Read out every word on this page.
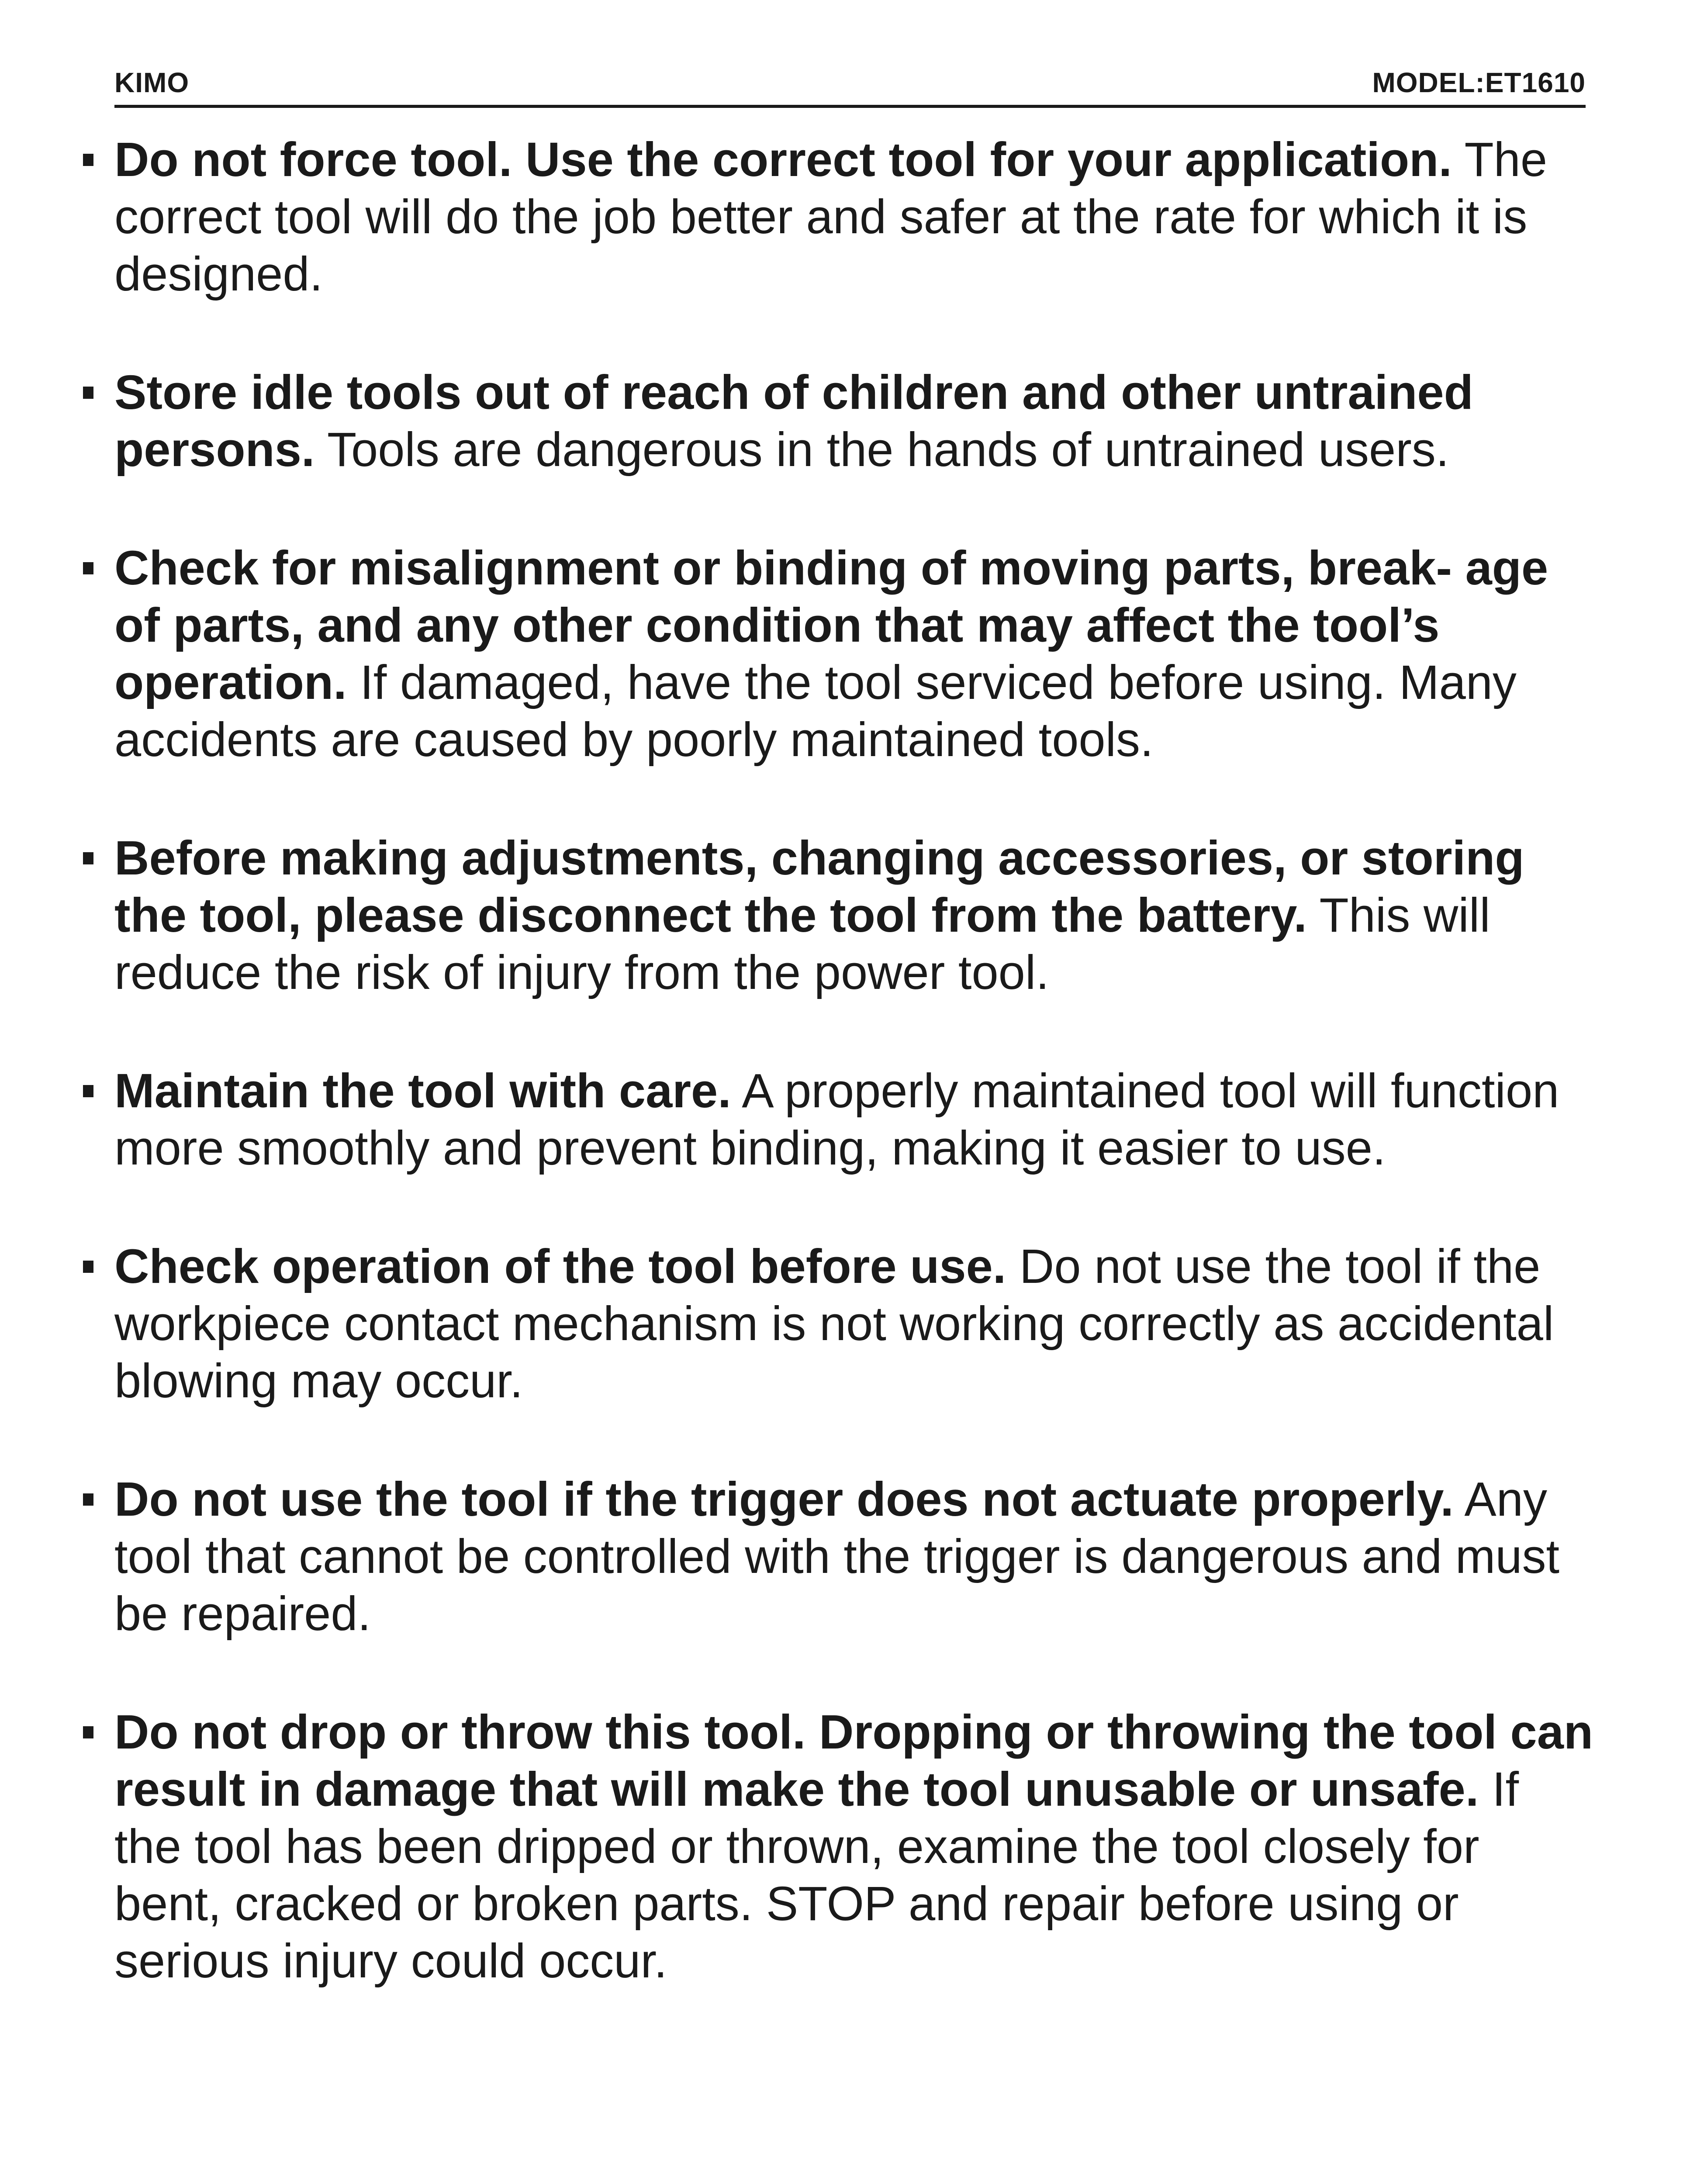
KIMO	MODEL:ET1610
Do not force tool. Use the correct tool for your application. The correct tool will do the job better and safer at the rate for which it is designed.
Store idle tools out of reach of children and other untrained persons. Tools are dangerous in the hands of untrained users.
Check for misalignment or binding of moving parts, break- age of parts, and any other condition that may affect the tool’s operation. If damaged, have the tool serviced before using. Many accidents are caused by poorly maintained tools.
Before making adjustments, changing accessories, or storing the tool, please disconnect the tool from the battery. This will reduce the risk of injury from the power tool.
Maintain the tool with care. A properly maintained tool will function more smoothly and prevent binding, making it easier to use.
Check operation of the tool before use. Do not use the tool if the workpiece contact mechanism is not working correctly as accidental blowing may occur.
Do not use the tool if the trigger does not actuate properly. Any tool that cannot be controlled with the trigger is dangerous and must be repaired.
Do not drop or throw this tool. Dropping or throwing the tool can result in damage that will make the tool unusable or unsafe. If the tool has been dripped or thrown, examine the tool closely for bent, cracked or broken parts. STOP and repair before using or serious injury could occur.
